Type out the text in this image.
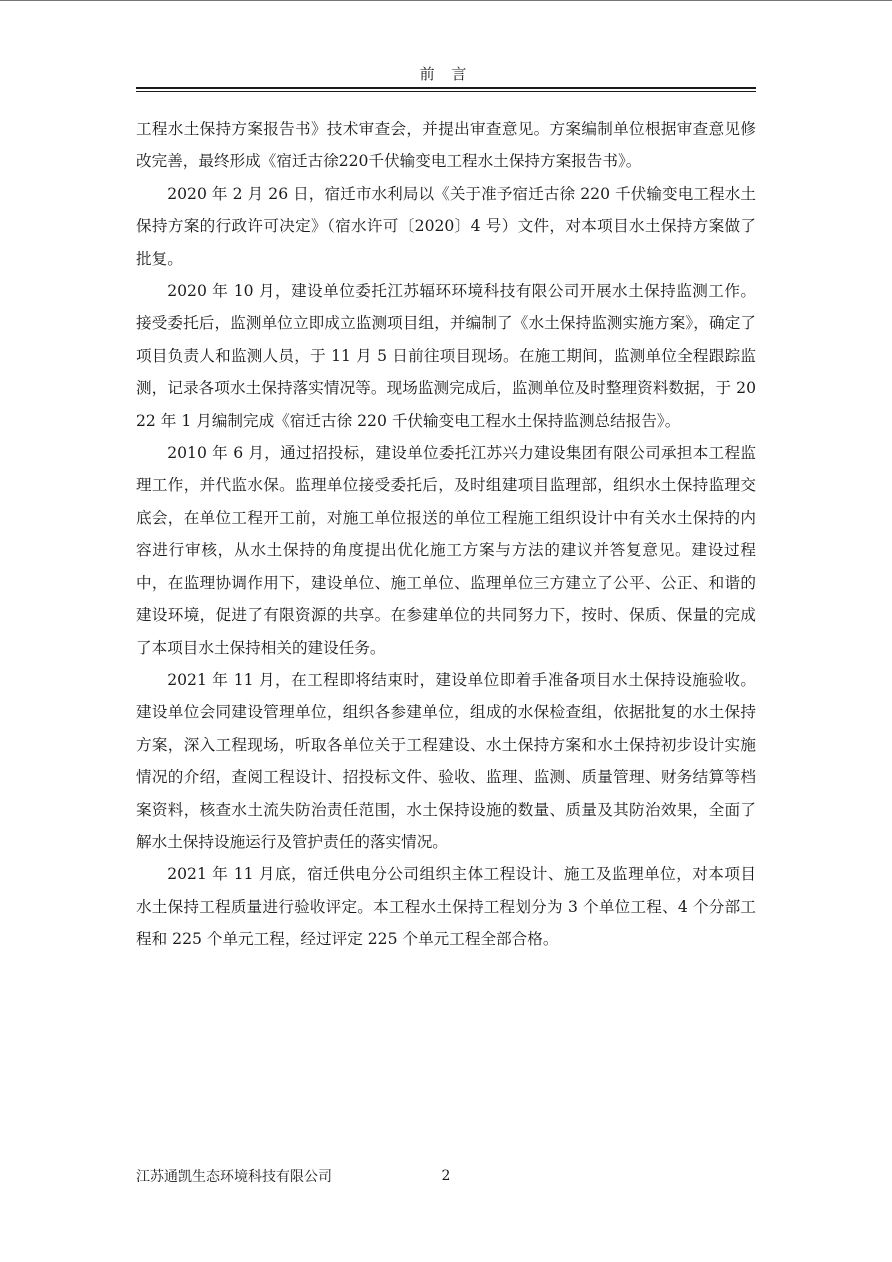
前 言

工程水土保持方案报告书》技术审查会，并提出审查意见。方案编制单位根据审查意见修改完善，最终形成《宿迁古徐220千伏输变电工程水土保持方案报告书》。

2020 年 2 月 26 日，宿迁市水利局以《关于准予宿迁古徐 220 千伏输变电工程水土保持方案的行政许可决定》（宿水许可〔2020〕4 号）文件，对本项目水土保持方案做了批复。

2020 年 10 月，建设单位委托江苏辐环环境科技有限公司开展水土保持监测工作。接受委托后，监测单位立即成立监测项目组，并编制了《水土保持监测实施方案》，确定了项目负责人和监测人员，于 11 月 5 日前往项目现场。在施工期间，监测单位全程跟踪监测，记录各项水土保持落实情况等。现场监测完成后，监测单位及时整理资料数据，于 2022 年 1 月编制完成《宿迁古徐 220 千伏输变电工程水土保持监测总结报告》。

2010 年 6 月，通过招投标，建设单位委托江苏兴力建设集团有限公司承担本工程监理工作，并代监水保。监理单位接受委托后，及时组建项目监理部，组织水土保持监理交底会，在单位工程开工前，对施工单位报送的单位工程施工组织设计中有关水土保持的内容进行审核，从水土保持的角度提出优化施工方案与方法的建议并答复意见。建设过程中，在监理协调作用下，建设单位、施工单位、监理单位三方建立了公平、公正、和谐的建设环境，促进了有限资源的共享。在参建单位的共同努力下，按时、保质、保量的完成了本项目水土保持相关的建设任务。

2021 年 11 月，在工程即将结束时，建设单位即着手准备项目水土保持设施验收。建设单位会同建设管理单位，组织各参建单位，组成的水保检查组，依据批复的水土保持方案，深入工程现场，听取各单位关于工程建设、水土保持方案和水土保持初步设计实施情况的介绍，查阅工程设计、招投标文件、验收、监理、监测、质量管理、财务结算等档案资料，核查水土流失防治责任范围，水土保持设施的数量、质量及其防治效果，全面了解水土保持设施运行及管护责任的落实情况。

2021 年 11 月底，宿迁供电分公司组织主体工程设计、施工及监理单位，对本项目水土保持工程质量进行验收评定。本工程水土保持工程划分为 3 个单位工程、4 个分部工程和 225 个单元工程，经过评定 225 个单元工程全部合格。

江苏通凯生态环境科技有限公司	2
